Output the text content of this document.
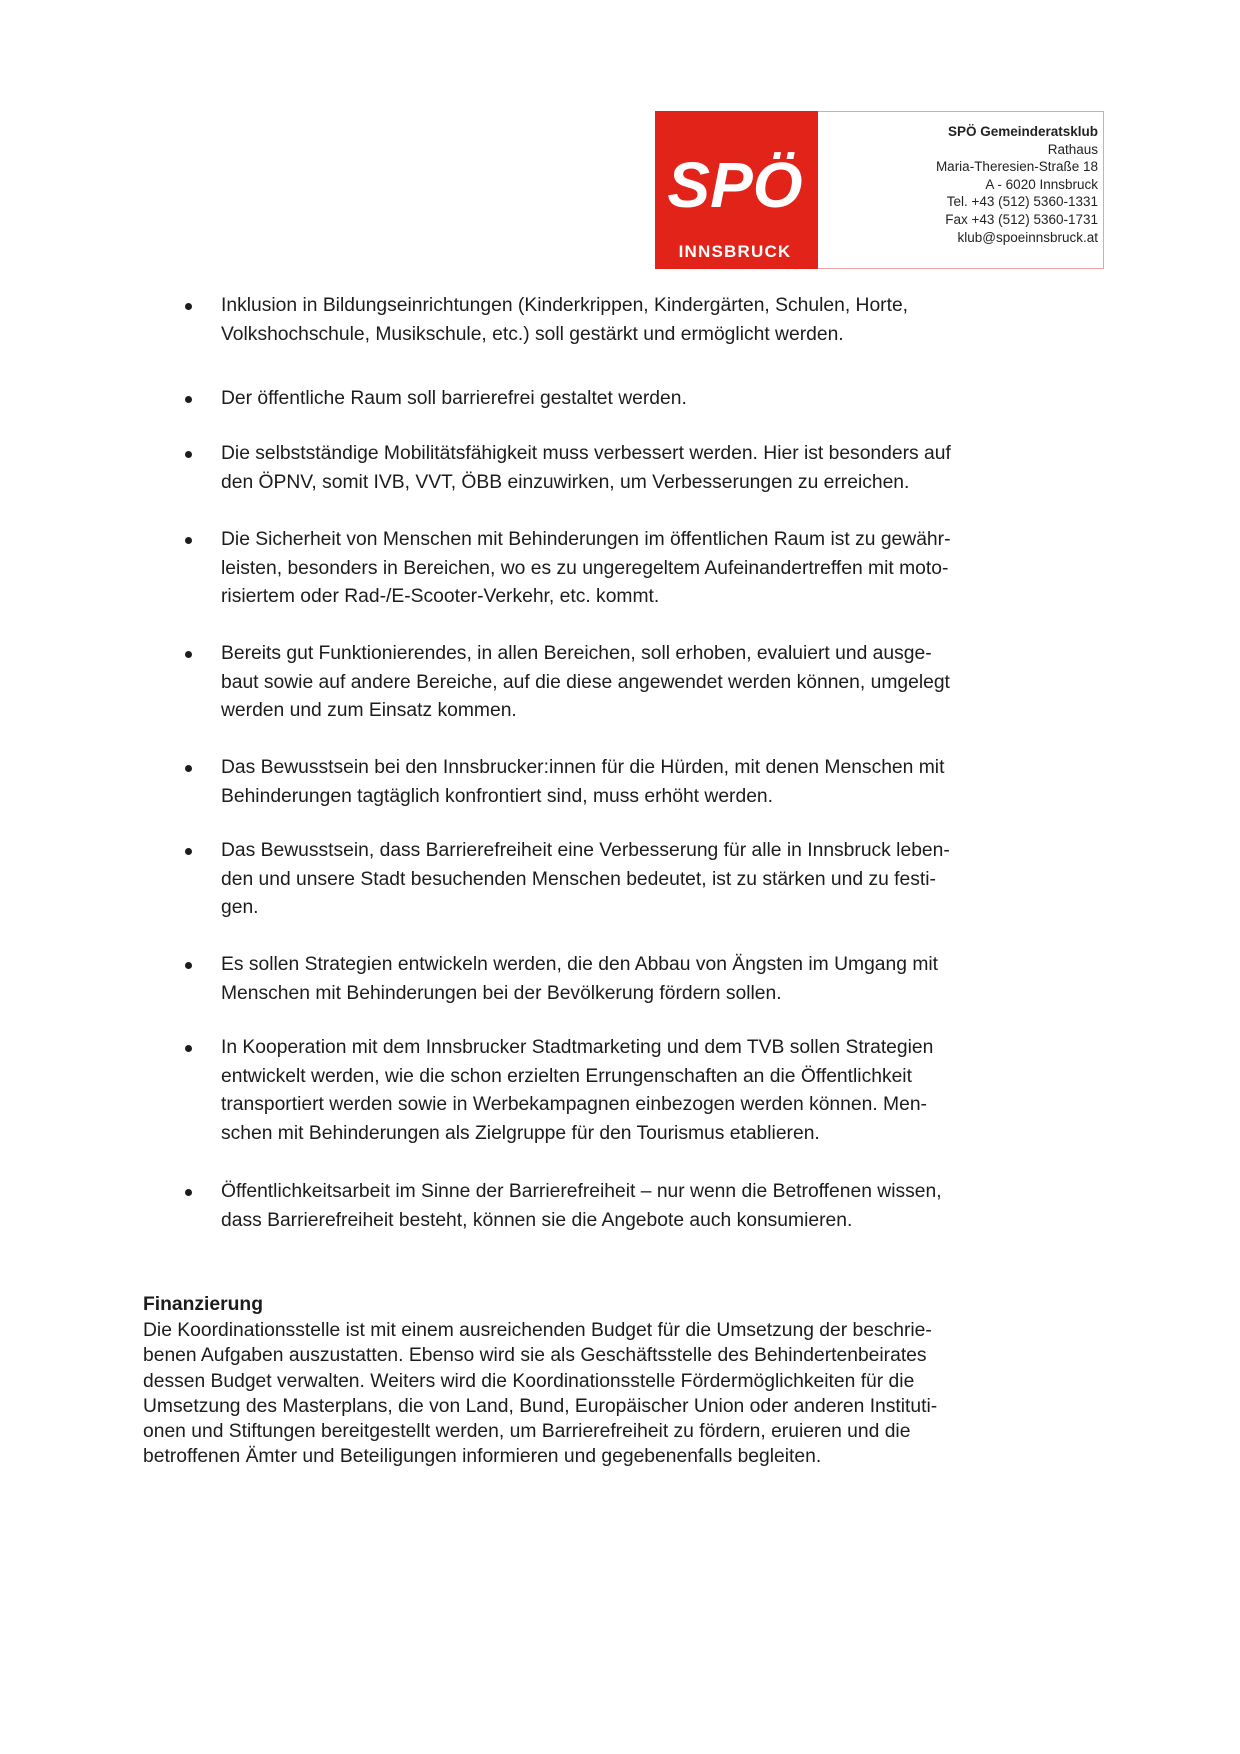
SPÖ
INNSBRUCK
SPÖ Gemeinderatsklub
Rathaus
Maria-Theresien-Straße 18
A - 6020 Innsbruck
Tel. +43 (512) 5360-1331
Fax +43 (512) 5360-1731
klub@spoeinnsbruck.at
Inklusion in Bildungseinrichtungen (Kinderkrippen, Kindergärten, Schulen, Horte,
Volkshochschule, Musikschule, etc.) soll gestärkt und ermöglicht werden.
Der öffentliche Raum soll barrierefrei gestaltet werden.
Die selbstständige Mobilitätsfähigkeit muss verbessert werden. Hier ist besonders auf
den ÖPNV, somit IVB, VVT, ÖBB einzuwirken, um Verbesserungen zu erreichen.
Die Sicherheit von Menschen mit Behinderungen im öffentlichen Raum ist zu gewähr-
leisten, besonders in Bereichen, wo es zu ungeregeltem Aufeinandertreffen mit moto-
risiertem oder Rad-/E-Scooter-Verkehr, etc. kommt.
Bereits gut Funktionierendes, in allen Bereichen, soll erhoben, evaluiert und ausge-
baut sowie auf andere Bereiche, auf die diese angewendet werden können, umgelegt
werden und zum Einsatz kommen.
Das Bewusstsein bei den Innsbrucker:innen für die Hürden, mit denen Menschen mit
Behinderungen tagtäglich konfrontiert sind, muss erhöht werden.
Das Bewusstsein, dass Barrierefreiheit eine Verbesserung für alle in Innsbruck leben-
den und unsere Stadt besuchenden Menschen bedeutet, ist zu stärken und zu festi-
gen.
Es sollen Strategien entwickeln werden, die den Abbau von Ängsten im Umgang mit
Menschen mit Behinderungen bei der Bevölkerung fördern sollen.
In Kooperation mit dem Innsbrucker Stadtmarketing und dem TVB sollen Strategien
entwickelt werden, wie die schon erzielten Errungenschaften an die Öffentlichkeit
transportiert werden sowie in Werbekampagnen einbezogen werden können. Men-
schen mit Behinderungen als Zielgruppe für den Tourismus etablieren.
Öffentlichkeitsarbeit im Sinne der Barrierefreiheit – nur wenn die Betroffenen wissen,
dass Barrierefreiheit besteht, können sie die Angebote auch konsumieren.
Finanzierung
Die Koordinationsstelle ist mit einem ausreichenden Budget für die Umsetzung der beschrie-
benen Aufgaben auszustatten. Ebenso wird sie als Geschäftsstelle des Behindertenbeirates
dessen Budget verwalten. Weiters wird die Koordinationsstelle Fördermöglichkeiten für die
Umsetzung des Masterplans, die von Land, Bund, Europäischer Union oder anderen Instituti-
onen und Stiftungen bereitgestellt werden, um Barrierefreiheit zu fördern, eruieren und die
betroffenen Ämter und Beteiligungen informieren und gegebenenfalls begleiten.
